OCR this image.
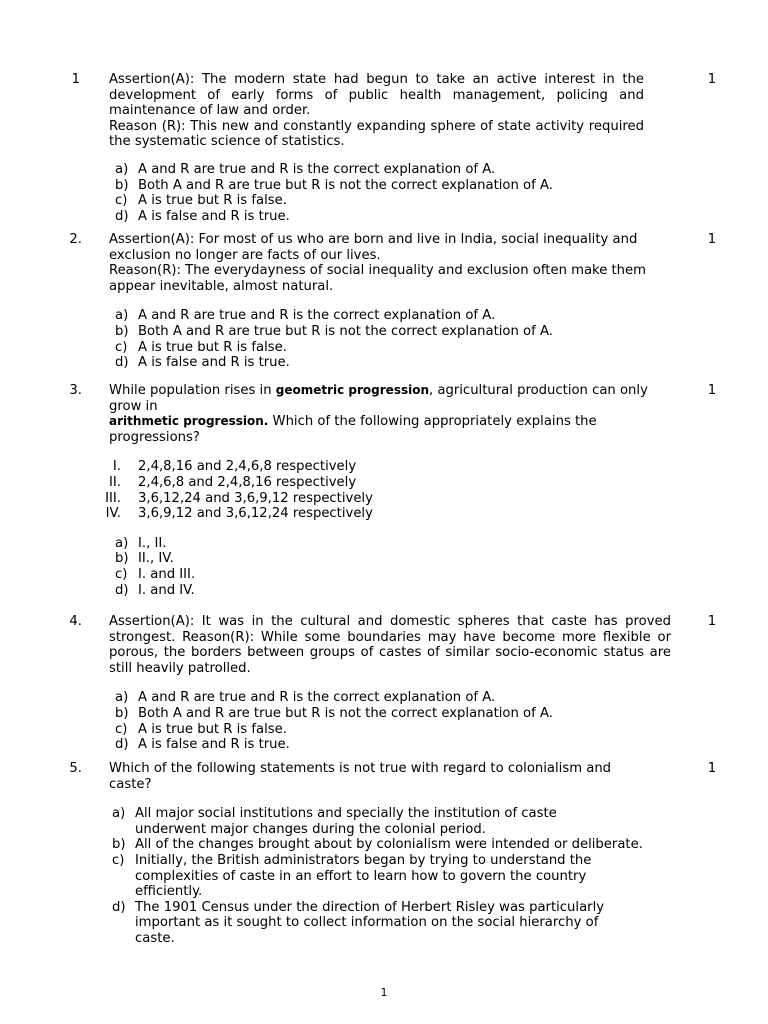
1 Assertion(A): The modern state had begun to take an active interest in the development of early forms of public health management, policing and maintenance of law and order.
Reason (R): This new and constantly expanding sphere of state activity required the systematic science of statistics.
a) A and R are true and R is the correct explanation of A.
b) Both A and R are true but R is not the correct explanation of A.
c) A is true but R is false.
d) A is false and R is true.
1
2. Assertion(A): For most of us who are born and live in India, social inequality and exclusion no longer are facts of our lives.
Reason(R): The everydayness of social inequality and exclusion often make them appear inevitable, almost natural.
a) A and R are true and R is the correct explanation of A.
b) Both A and R are true but R is not the correct explanation of A.
c) A is true but R is false.
d) A is false and R is true.
1
3. While population rises in geometric progression, agricultural production can only grow in
arithmetic progression. Which of the following appropriately explains the progressions?
I. 2,4,8,16 and 2,4,6,8 respectively
II. 2,4,6,8 and 2,4,8,16 respectively
III. 3,6,12,24 and 3,6,9,12 respectively
IV. 3,6,9,12 and 3,6,12,24 respectively
a) I., II.
b) II., IV.
c) I. and III.
d) I. and IV.
1
4. Assertion(A): It was in the cultural and domestic spheres that caste has proved strongest. Reason(R): While some boundaries may have become more flexible or porous, the borders between groups of castes of similar socio-economic status are still heavily patrolled.
a) A and R are true and R is the correct explanation of A.
b) Both A and R are true but R is not the correct explanation of A.
c) A is true but R is false.
d) A is false and R is true.
1
5. Which of the following statements is not true with regard to colonialism and caste?
a) All major social institutions and specially the institution of caste underwent major changes during the colonial period.
b) All of the changes brought about by colonialism were intended or deliberate.
c) Initially, the British administrators began by trying to understand the complexities of caste in an effort to learn how to govern the country efficiently.
d) The 1901 Census under the direction of Herbert Risley was particularly important as it sought to collect information on the social hierarchy of caste.
1
1
